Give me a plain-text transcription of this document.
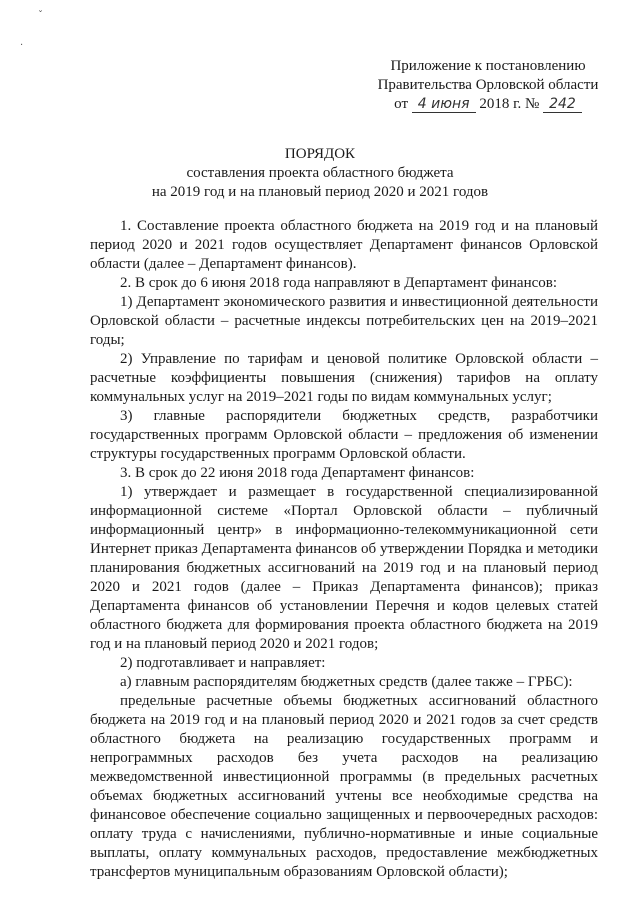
ˇ
·
Приложение к постановлению
Правительства Орловской области
от 4 июня 2018 г. № 242
ПОРЯДОК
составления проекта областного бюджета
на 2019 год и на плановый период 2020 и 2021 годов

1. Составление проекта областного бюджета на 2019 год и на плановый период 2020 и 2021 годов осуществляет Департамент финансов Орловской области (далее – Департамент финансов).

2. В срок до 6 июня 2018 года направляют в Департамент финансов:

1) Департамент экономического развития и инвестиционной деятельности Орловской области – расчетные индексы потребительских цен на 2019–2021 годы;

2) Управление по тарифам и ценовой политике Орловской области – расчетные коэффициенты повышения (снижения) тарифов на оплату коммунальных услуг на 2019–2021 годы по видам коммунальных услуг;

3) главные распорядители бюджетных средств, разработчики государственных программ Орловской области – предложения об изменении структуры государственных программ Орловской области.

3. В срок до 22 июня 2018 года Департамент финансов:

1) утверждает и размещает в государственной специализированной информационной системе «Портал Орловской области – публичный информационный центр» в информационно-телекоммуникационной сети Интернет приказ Департамента финансов об утверждении Порядка и методики планирования бюджетных ассигнований на 2019 год и на плановый период 2020 и 2021 годов (далее – Приказ Департамента финансов); приказ Департамента финансов об установлении Перечня и кодов целевых статей областного бюджета для формирования проекта областного бюджета на 2019 год и на плановый период 2020 и 2021 годов;

2) подготавливает и направляет:

а) главным распорядителям бюджетных средств (далее также – ГРБС):

предельные расчетные объемы бюджетных ассигнований областного бюджета на 2019 год и на плановый период 2020 и 2021 годов за счет средств областного бюджета на реализацию государственных программ и непрограммных расходов без учета расходов на реализацию межведомственной инвестиционной программы (в предельных расчетных объемах бюджетных ассигнований учтены все необходимые средства на финансовое обеспечение социально защищенных и первоочередных расходов: оплату труда с начислениями, публично-нормативные и иные социальные выплаты, оплату коммунальных расходов, предоставление межбюджетных трансфертов муниципальным образованиям Орловской области);
